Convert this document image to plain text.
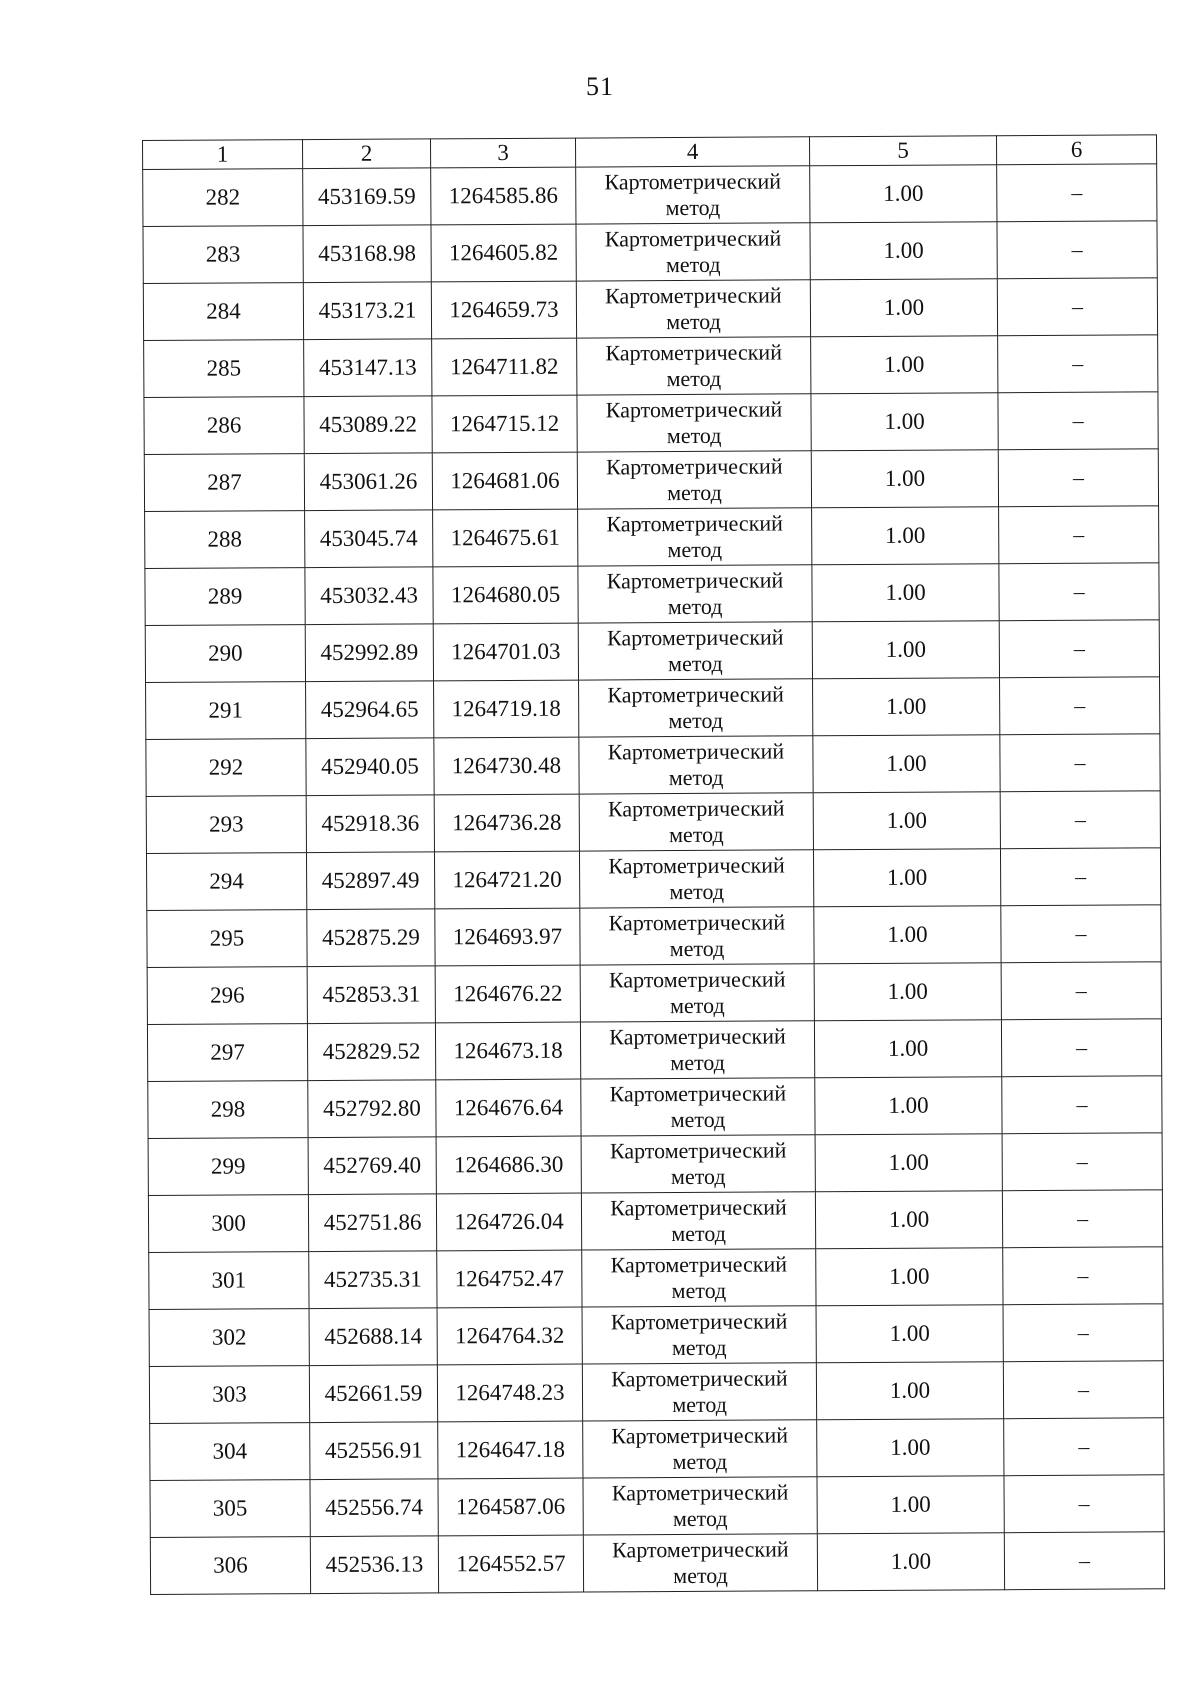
51
1	2	3	4	5	6
282	453169.59	1264585.86	Картометрический
метод	1.00	–
283	453168.98	1264605.82	Картометрический
метод	1.00	–
284	453173.21	1264659.73	Картометрический
метод	1.00	–
285	453147.13	1264711.82	Картометрический
метод	1.00	–
286	453089.22	1264715.12	Картометрический
метод	1.00	–
287	453061.26	1264681.06	Картометрический
метод	1.00	–
288	453045.74	1264675.61	Картометрический
метод	1.00	–
289	453032.43	1264680.05	Картометрический
метод	1.00	–
290	452992.89	1264701.03	Картометрический
метод	1.00	–
291	452964.65	1264719.18	Картометрический
метод	1.00	–
292	452940.05	1264730.48	Картометрический
метод	1.00	–
293	452918.36	1264736.28	Картометрический
метод	1.00	–
294	452897.49	1264721.20	Картометрический
метод	1.00	–
295	452875.29	1264693.97	Картометрический
метод	1.00	–
296	452853.31	1264676.22	Картометрический
метод	1.00	–
297	452829.52	1264673.18	Картометрический
метод	1.00	–
298	452792.80	1264676.64	Картометрический
метод	1.00	–
299	452769.40	1264686.30	Картометрический
метод	1.00	–
300	452751.86	1264726.04	Картометрический
метод	1.00	–
301	452735.31	1264752.47	Картометрический
метод	1.00	–
302	452688.14	1264764.32	Картометрический
метод	1.00	–
303	452661.59	1264748.23	Картометрический
метод	1.00	–
304	452556.91	1264647.18	Картометрический
метод	1.00	–
305	452556.74	1264587.06	Картометрический
метод	1.00	–
306	452536.13	1264552.57	Картометрический
метод	1.00	–
